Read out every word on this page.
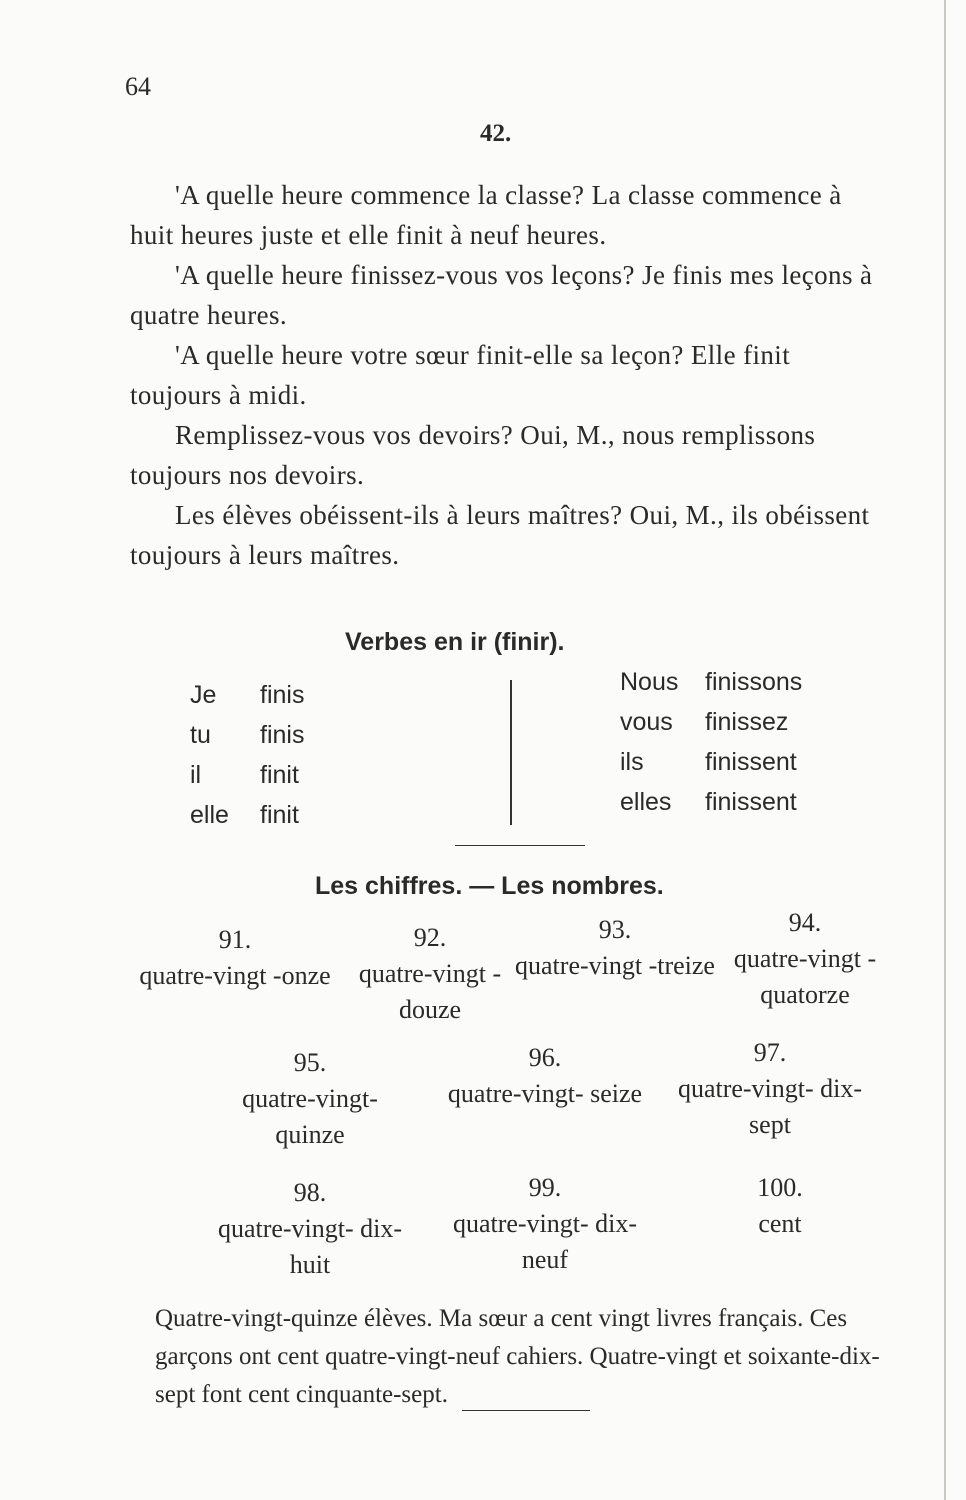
64
42.

'A quelle heure commence la classe? La classe commence à huit heures juste et elle finit à neuf heures.

'A quelle heure finissez-vous vos leçons? Je finis mes leçons à quatre heures.

'A quelle heure votre sœur finit-elle sa leçon? Elle finit toujours à midi.

Remplissez-vous vos devoirs? Oui, M., nous remplissons toujours nos devoirs.

Les élèves obéissent-ils à leurs maîtres? Oui, M., ils obéissent toujours à leurs maîtres.

Verbes en ir (finir).
Je
tu
il
elle
finis
finis
finit
finit
Nous
vous
ils
elles
finissons
finissez
finissent
finissent
Les chiffres. — Les nombres.
91.
quatre-vingt -onze
92.
quatre-vingt -douze
93.
quatre-vingt -treize
94.
quatre-vingt -quatorze
95.
quatre-vingt- quinze
96.
quatre-vingt- seize
97.
quatre-vingt- dix-sept
98.
quatre-vingt- dix-huit
99.
quatre-vingt- dix-neuf
100.
cent
Quatre-vingt-quinze élèves. Ma sœur a cent vingt livres français. Ces garçons ont cent quatre-vingt-neuf cahiers. Quatre-vingt et soixante-dix-sept font cent cinquante-sept.
